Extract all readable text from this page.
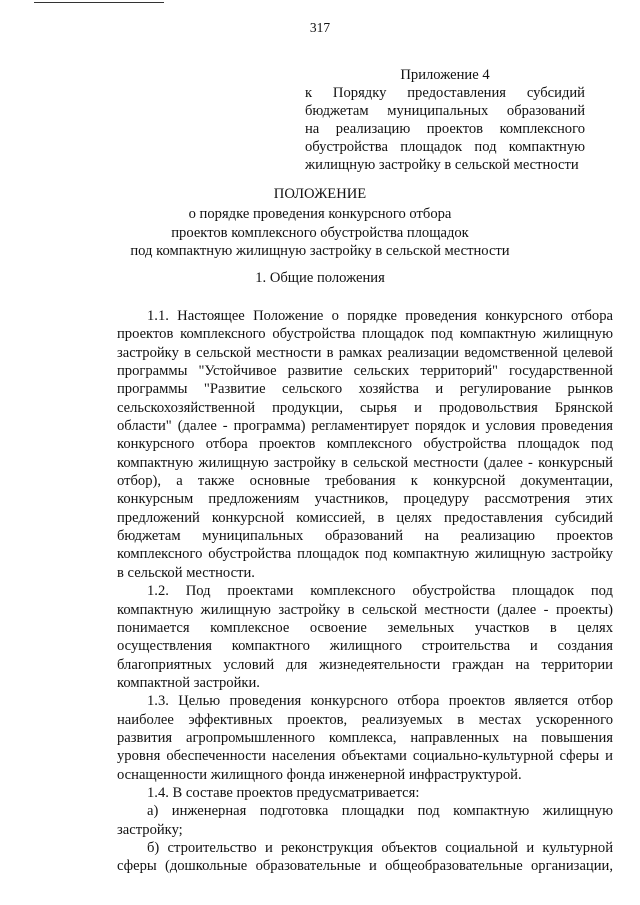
317
Приложение 4
к Порядку предоставления субсидий
бюджетам муниципальных образований
на реализацию проектов комплексного
обустройства площадок под компактную
жилищную застройку в сельской местности
ПОЛОЖЕНИЕ
о порядке проведения конкурсного отбора
проектов комплексного обустройства площадок
под компактную жилищную застройку в сельской местности
1. Общие положения
1.1. Настоящее Положение о порядке проведения конкурсного отбора
проектов комплексного обустройства площадок под компактную жилищную
застройку в сельской местности в рамках реализации ведомственной целевой
программы "Устойчивое развитие сельских территорий" государственной
программы "Развитие сельского хозяйства и регулирование рынков
сельскохозяйственной продукции, сырья и продовольствия Брянской
области" (далее - программа) регламентирует порядок и условия проведения
конкурсного отбора проектов комплексного обустройства площадок под
компактную жилищную застройку в сельской местности (далее - конкурсный
отбор), а также основные требования к конкурсной документации,
конкурсным предложениям участников, процедуру рассмотрения этих
предложений конкурсной комиссией, в целях предоставления субсидий
бюджетам муниципальных образований на реализацию проектов
комплексного обустройства площадок под компактную жилищную застройку
в сельской местности.
1.2. Под проектами комплексного обустройства площадок под
компактную жилищную застройку в сельской местности (далее - проекты)
понимается комплексное освоение земельных участков в целях
осуществления компактного жилищного строительства и создания
благоприятных условий для жизнедеятельности граждан на территории
компактной застройки.
1.3. Целью проведения конкурсного отбора проектов является отбор
наиболее эффективных проектов, реализуемых в местах ускоренного
развития агропромышленного комплекса, направленных на повышения
уровня обеспеченности населения объектами социально-культурной сферы и
оснащенности жилищного фонда инженерной инфраструктурой.
1.4. В составе проектов предусматривается:
а) инженерная подготовка площадки под компактную жилищную
застройку;
б) строительство и реконструкция объектов социальной и культурной
сферы (дошкольные образовательные и общеобразовательные организации,
